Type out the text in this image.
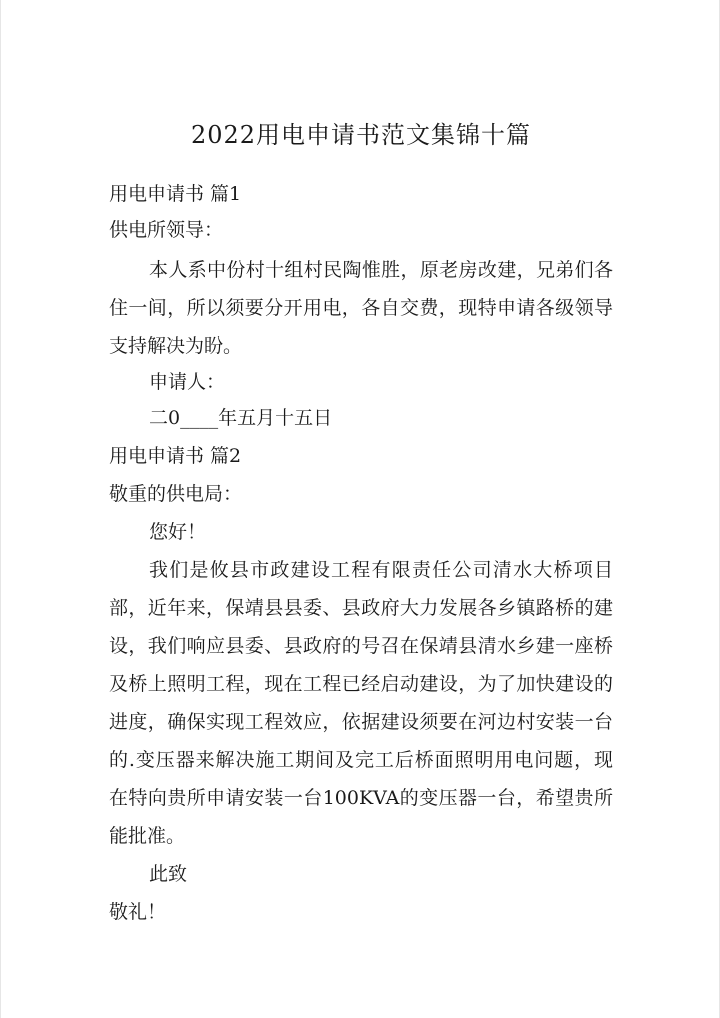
2022用电申请书范文集锦十篇
用电申请书 篇1
供电所领导：
本人系中份村十组村民陶惟胜，原老房改建，兄弟们各
住一间，所以须要分开用电，各自交费，现特申请各级领导
支持解决为盼。
申请人：
二0____年五月十五日
用电申请书 篇2
敬重的供电局：
您好！
我们是攸县市政建设工程有限责任公司清水大桥项目
部，近年来，保靖县县委、县政府大力发展各乡镇路桥的建
设，我们响应县委、县政府的号召在保靖县清水乡建一座桥
及桥上照明工程，现在工程已经启动建设，为了加快建设的
进度，确保实现工程效应，依据建设须要在河边村安装一台
的.变压器来解决施工期间及完工后桥面照明用电问题，现
在特向贵所申请安装一台100KVA的变压器一台，希望贵所
能批准。
此致
敬礼！
